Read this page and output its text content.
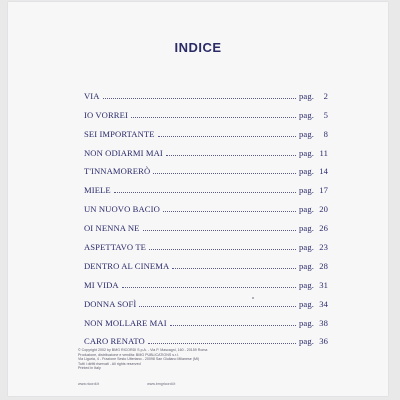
INDICE
VIA	pag. 2
IO VORREI	pag. 5
SEI IMPORTANTE	pag. 8
NON ODIARMI MAI	pag. 11
T'INNAMORERÒ	pag. 14
MIELE	pag. 17
UN NUOVO BACIO	pag. 20
OI NENNA NE	pag. 26
ASPETTAVO TE	pag. 23
DENTRO AL CINEMA	pag. 28
MI VIDA	pag. 31
DONNA SOFÌ	pag. 34
NON MOLLARE MAI	pag. 38
CARO RENATO	pag. 36
© Copyright 2002 by BMG RICORDI S.p.A. - Via P. Mascagni, 160 - 20159 Roma
Produzione, distribuzione e vendita: BMG PUBLICATIONS s.r.l.
Via Liguria, 4 - Frazione Sesto Ulteriano - 20098 San Giuliano Milanese (MI)
Tutti i diritti riservati - All rights reserved
Printed in Italy
www.ricordi.it	www.bmgricordi.it
